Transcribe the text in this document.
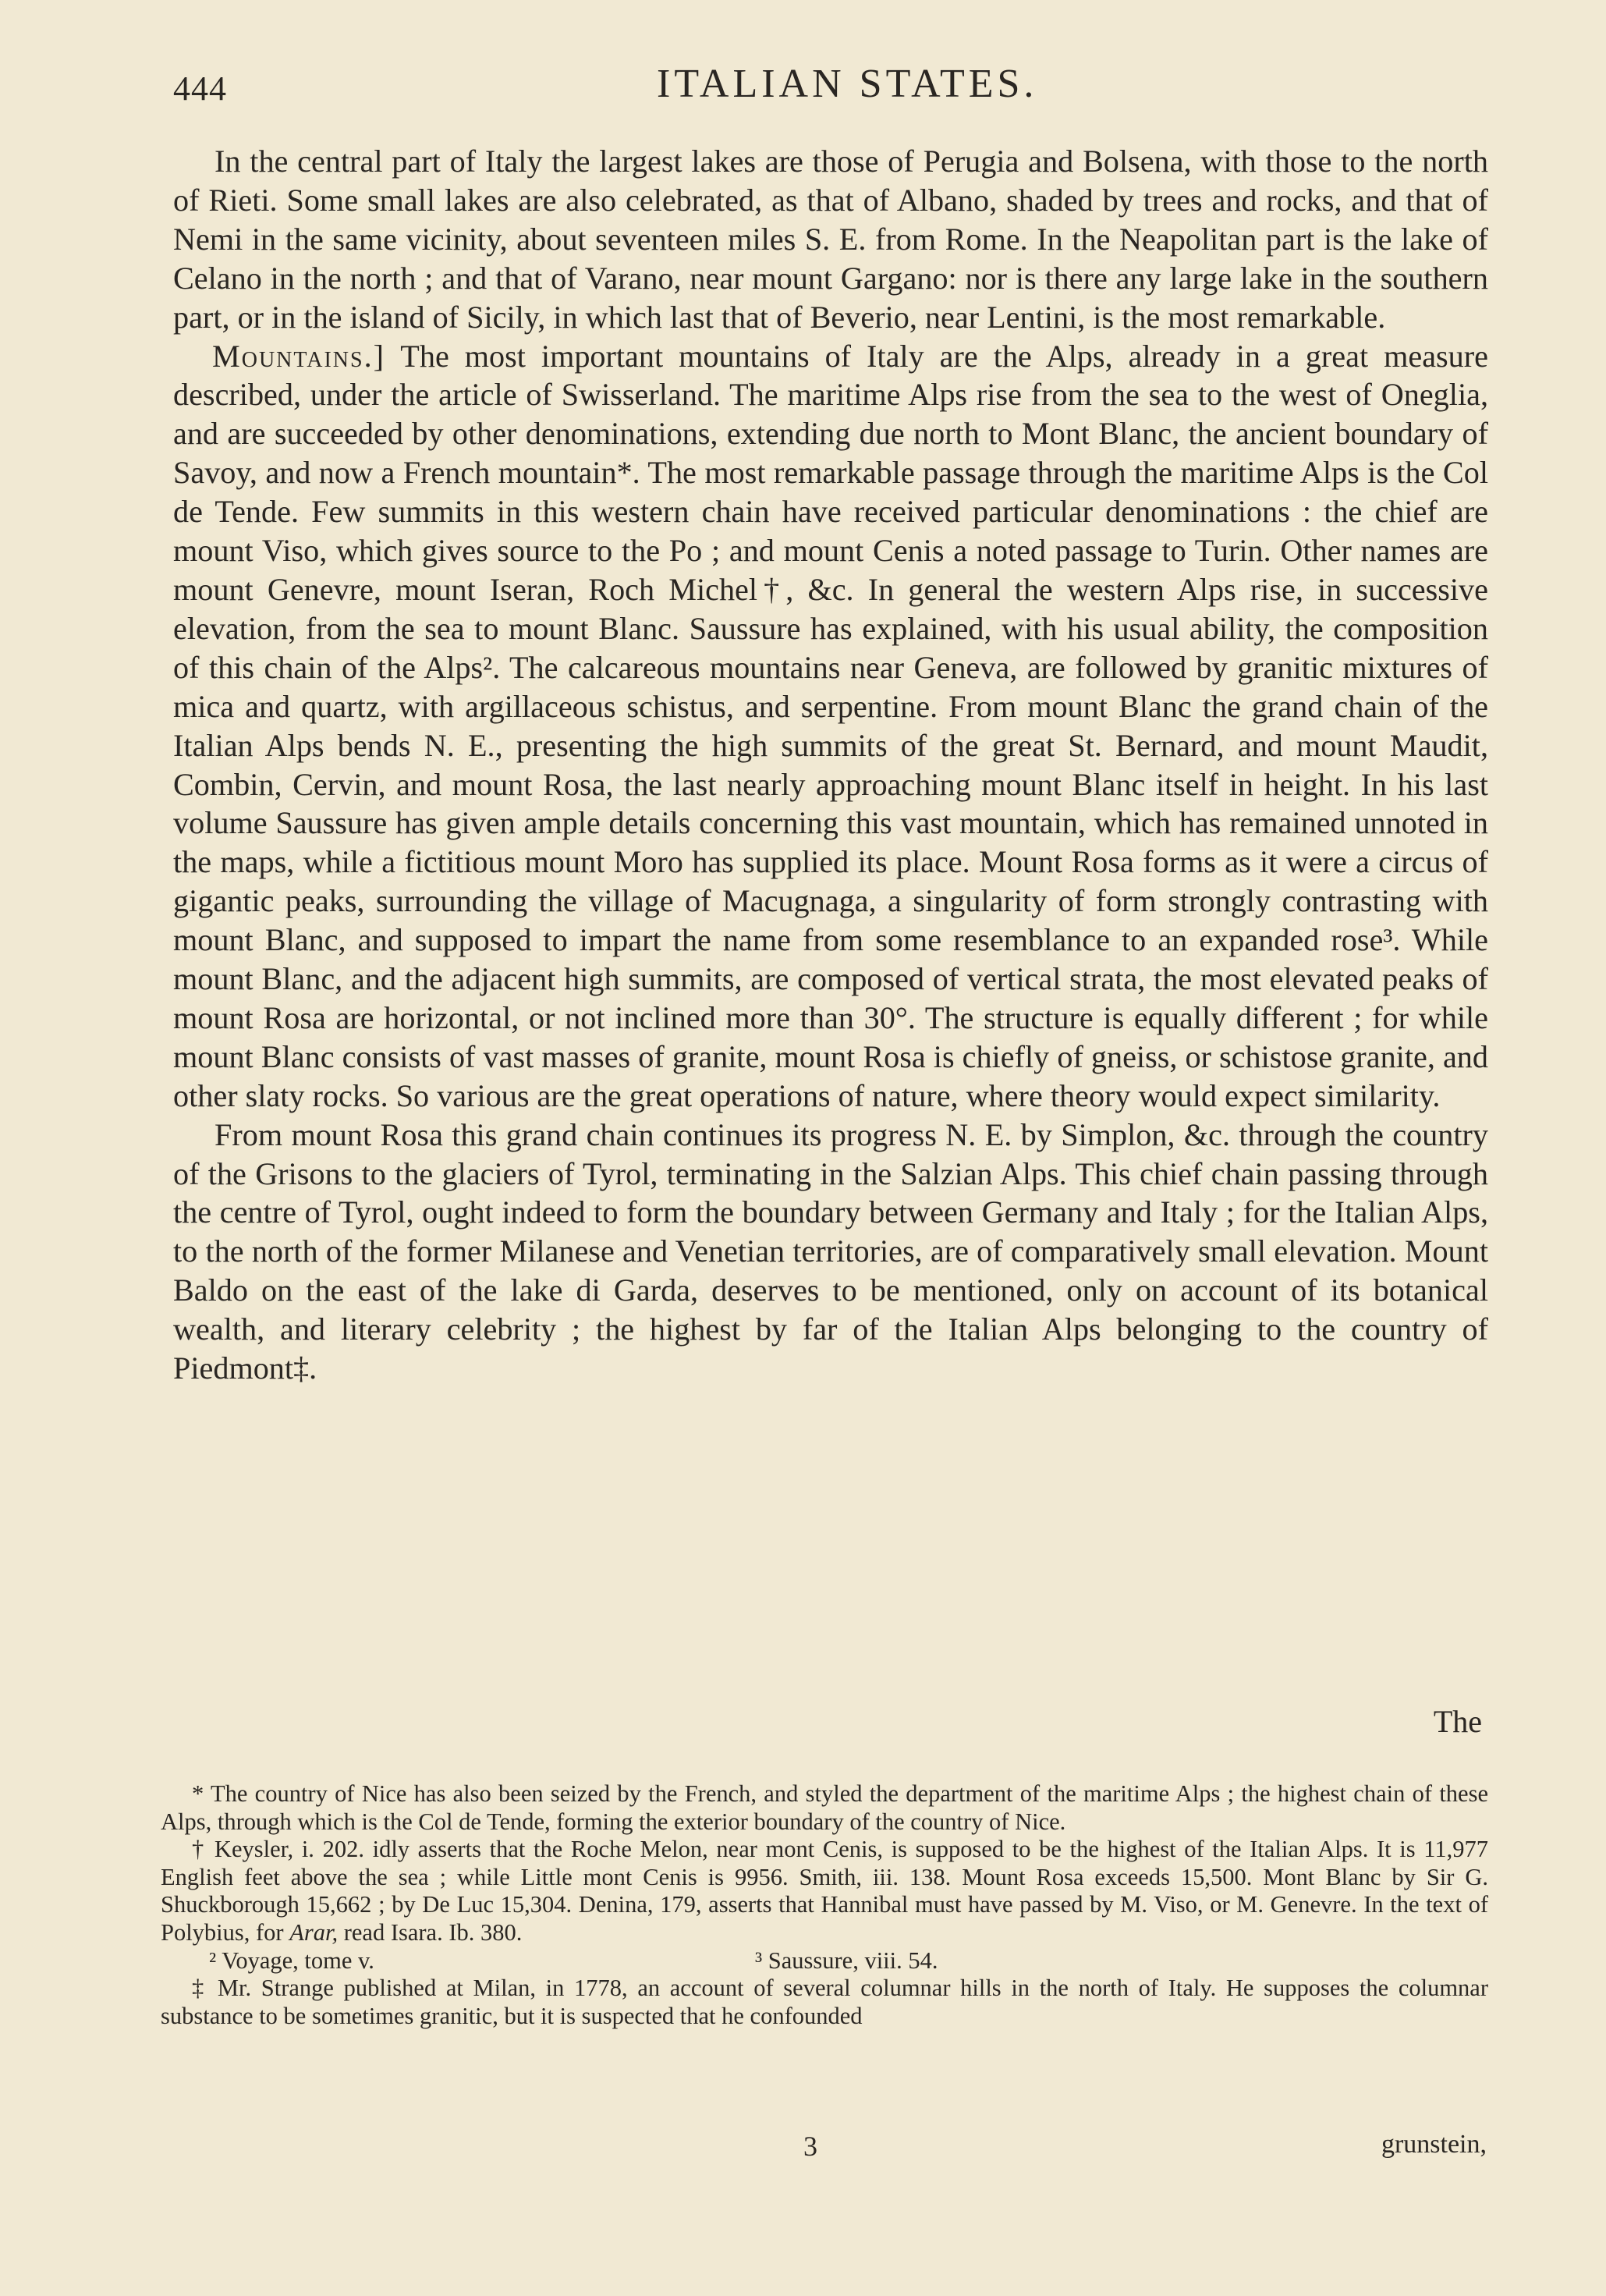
444	ITALIAN STATES.

In the central part of Italy the largest lakes are those of Perugia and Bolsena, with those to the north of Rieti. Some small lakes are also celebrated, as that of Albano, shaded by trees and rocks, and that of Nemi in the same vicinity, about seventeen miles S. E. from Rome. In the Neapolitan part is the lake of Celano in the north ; and that of Varano, near mount Gargano: nor is there any large lake in the southern part, or in the island of Sicily, in which last that of Beverio, near Lentini, is the most remarkable.

Mountains.] The most important mountains of Italy are the Alps, already in a great measure described, under the article of Swisserland. The maritime Alps rise from the sea to the west of Oneglia, and are succeeded by other denominations, extending due north to Mont Blanc, the ancient boundary of Savoy, and now a French mountain*. The most remarkable passage through the maritime Alps is the Col de Tende. Few summits in this western chain have received particular denominations : the chief are mount Viso, which gives source to the Po ; and mount Cenis a noted passage to Turin. Other names are mount Genevre, mount Iseran, Roch Michel†, &c. In general the western Alps rise, in successive elevation, from the sea to mount Blanc. Saussure has explained, with his usual ability, the composition of this chain of the Alps². The calcareous mountains near Geneva, are followed by granitic mixtures of mica and quartz, with argillaceous schistus, and serpentine. From mount Blanc the grand chain of the Italian Alps bends N. E., presenting the high summits of the great St. Bernard, and mount Maudit, Combin, Cervin, and mount Rosa, the last nearly approaching mount Blanc itself in height. In his last volume Saussure has given ample details concerning this vast mountain, which has remained unnoted in the maps, while a fictitious mount Moro has supplied its place. Mount Rosa forms as it were a circus of gigantic peaks, surrounding the village of Macugnaga, a singularity of form strongly contrasting with mount Blanc, and supposed to impart the name from some resemblance to an expanded rose³. While mount Blanc, and the adjacent high summits, are composed of vertical strata, the most elevated peaks of mount Rosa are horizontal, or not inclined more than 30°. The structure is equally different ; for while mount Blanc consists of vast masses of granite, mount Rosa is chiefly of gneiss, or schistose granite, and other slaty rocks. So various are the great operations of nature, where theory would expect similarity.

From mount Rosa this grand chain continues its progress N. E. by Simplon, &c. through the country of the Grisons to the glaciers of Tyrol, terminating in the Salzian Alps. This chief chain passing through the centre of Tyrol, ought indeed to form the boundary between Germany and Italy ; for the Italian Alps, to the north of the former Milanese and Venetian territories, are of comparatively small elevation. Mount Baldo on the east of the lake di Garda, deserves to be mentioned, only on account of its botanical wealth, and literary celebrity ; the highest by far of the Italian Alps belonging to the country of Piedmont‡.

The

* The country of Nice has also been seized by the French, and styled the department of the maritime Alps ; the highest chain of these Alps, through which is the Col de Tende, forming the exterior boundary of the country of Nice.

† Keysler, i. 202. idly asserts that the Roche Melon, near mont Cenis, is supposed to be the highest of the Italian Alps. It is 11,977 English feet above the sea ; while Little mont Cenis is 9956. Smith, iii. 138. Mount Rosa exceeds 15,500. Mont Blanc by Sir G. Shuckborough 15,662 ; by De Luc 15,304. Denina, 179, asserts that Hannibal must have passed by M. Viso, or M. Genevre. In the text of Polybius, for Arar, read Isara. Ib. 380.

² Voyage, tome v.	³ Saussure, viii. 54.

‡ Mr. Strange published at Milan, in 1778, an account of several columnar hills in the north of Italy. He supposes the columnar substance to be sometimes granitic, but it is suspected that he confounded

3	grunstein,
